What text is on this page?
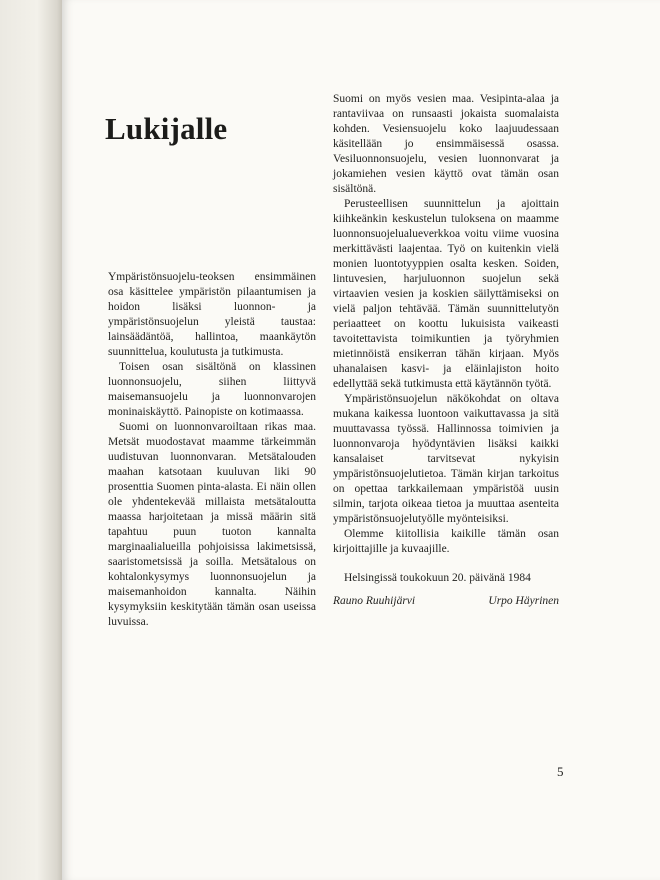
Lukijalle

Ympäristönsuojelu-teoksen ensimmäinen osa käsittelee ympäristön pilaantumisen ja hoidon lisäksi luonnon- ja ympäristönsuojelun yleistä taustaa: lainsäädäntöä, hallintoa, maankäytön suunnittelua, koulutusta ja tutkimusta.

Toisen osan sisältönä on klassinen luonnonsuojelu, siihen liittyvä maisemansuojelu ja luonnonvarojen moninaiskäyttö. Painopiste on kotimaassa.

Suomi on luonnonvaroiltaan rikas maa. Metsät muodostavat maamme tärkeimmän uudistuvan luonnonvaran. Metsätalouden maahan katsotaan kuuluvan liki 90 prosenttia Suomen pinta-alasta. Ei näin ollen ole yhdentekevää millaista metsätaloutta maassa harjoitetaan ja missä määrin sitä tapahtuu puun tuoton kannalta marginaalialueilla pohjoisissa lakimetsissä, saaristometsissä ja soilla. Metsätalous on kohtalonkysymys luonnonsuojelun ja maisemanhoidon kannalta. Näihin kysymyksiin keskitytään tämän osan useissa luvuissa.

Suomi on myös vesien maa. Vesipinta-alaa ja rantaviivaa on runsaasti jokaista suomalaista kohden. Vesiensuojelu koko laajuudessaan käsitellään jo ensimmäisessä osassa. Vesiluonnonsuojelu, vesien luonnonvarat ja jokamiehen vesien käyttö ovat tämän osan sisältönä.

Perusteellisen suunnittelun ja ajoittain kiihkeänkin keskustelun tuloksena on maamme luonnonsuojelualueverkkoa voitu viime vuosina merkittävästi laajentaa. Työ on kuitenkin vielä monien luontotyyppien osalta kesken. Soiden, lintuvesien, harjuluonnon suojelun sekä virtaavien vesien ja koskien säilyttämiseksi on vielä paljon tehtävää. Tämän suunnittelutyön periaatteet on koottu lukuisista vaikeasti tavoitettavista toimikuntien ja työryhmien mietinnöistä ensikerran tähän kirjaan. Myös uhanalaisen kasvi- ja eläinlajiston hoito edellyttää sekä tutkimusta että käytännön työtä.

Ympäristönsuojelun näkökohdat on oltava mukana kaikessa luontoon vaikuttavassa ja sitä muuttavassa työssä. Hallinnossa toimivien ja luonnonvaroja hyödyntävien lisäksi kaikki kansalaiset tarvitsevat nykyisin ympäristönsuojelutietoa. Tämän kirjan tarkoitus on opettaa tarkkailemaan ympäristöä uusin silmin, tarjota oikeaa tietoa ja muuttaa asenteita ympäristönsuojelutyölle myönteisiksi.

Olemme kiitollisia kaikille tämän osan kirjoittajille ja kuvaajille.

Helsingissä toukokuun 20. päivänä 1984

Rauno Ruuhijärvi	Urpo Häyrinen
5
